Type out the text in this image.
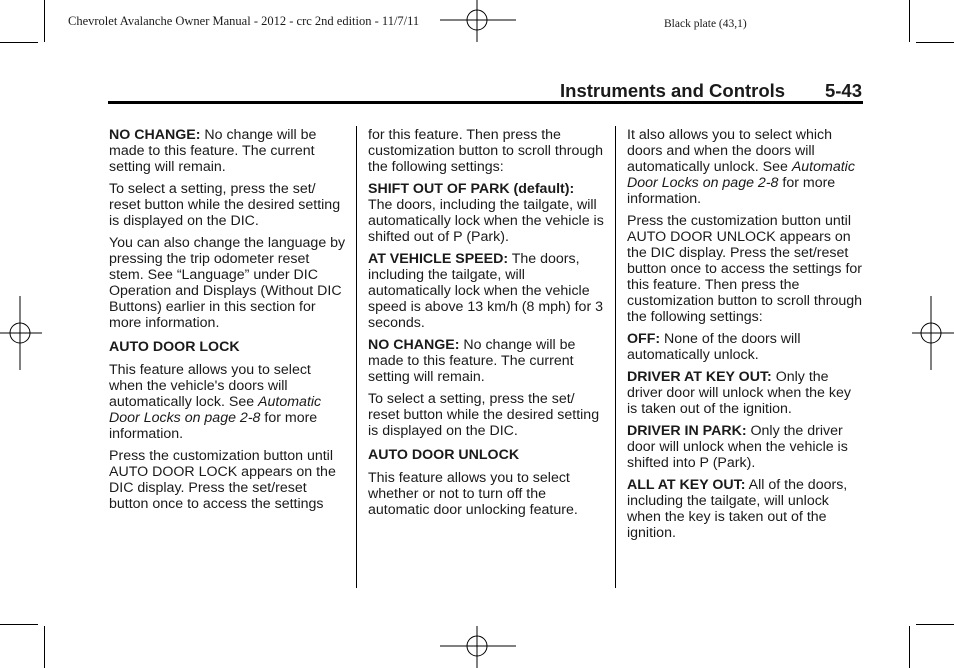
Chevrolet Avalanche Owner Manual - 2012 - crc 2nd edition - 11/7/11	Black plate (43,1)
Instruments and Controls 5-43

NO CHANGE: No change will be made to this feature. The current setting will remain.

To select a setting, press the set/ reset button while the desired setting is displayed on the DIC.

You can also change the language by pressing the trip odometer reset stem. See “Language” under DIC Operation and Displays (Without DIC Buttons) earlier in this section for more information.

AUTO DOOR LOCK

This feature allows you to select when the vehicle's doors will automatically lock. See Automatic Door Locks on page 2-8 for more information.

Press the customization button until AUTO DOOR LOCK appears on the DIC display. Press the set/reset button once to access the settings

for this feature. Then press the customization button to scroll through the following settings:

SHIFT OUT OF PARK (default):
The doors, including the tailgate, will automatically lock when the vehicle is shifted out of P (Park).

AT VEHICLE SPEED: The doors, including the tailgate, will automatically lock when the vehicle speed is above 13 km/h (8 mph) for 3 seconds.

NO CHANGE: No change will be made to this feature. The current setting will remain.

To select a setting, press the set/ reset button while the desired setting is displayed on the DIC.

AUTO DOOR UNLOCK

This feature allows you to select whether or not to turn off the automatic door unlocking feature.

It also allows you to select which doors and when the doors will automatically unlock. See Automatic Door Locks on page 2-8 for more information.

Press the customization button until AUTO DOOR UNLOCK appears on the DIC display. Press the set/reset button once to access the settings for this feature. Then press the customization button to scroll through the following settings:

OFF: None of the doors will automatically unlock.

DRIVER AT KEY OUT: Only the driver door will unlock when the key is taken out of the ignition.

DRIVER IN PARK: Only the driver door will unlock when the vehicle is shifted into P (Park).

ALL AT KEY OUT: All of the doors, including the tailgate, will unlock when the key is taken out of the ignition.
